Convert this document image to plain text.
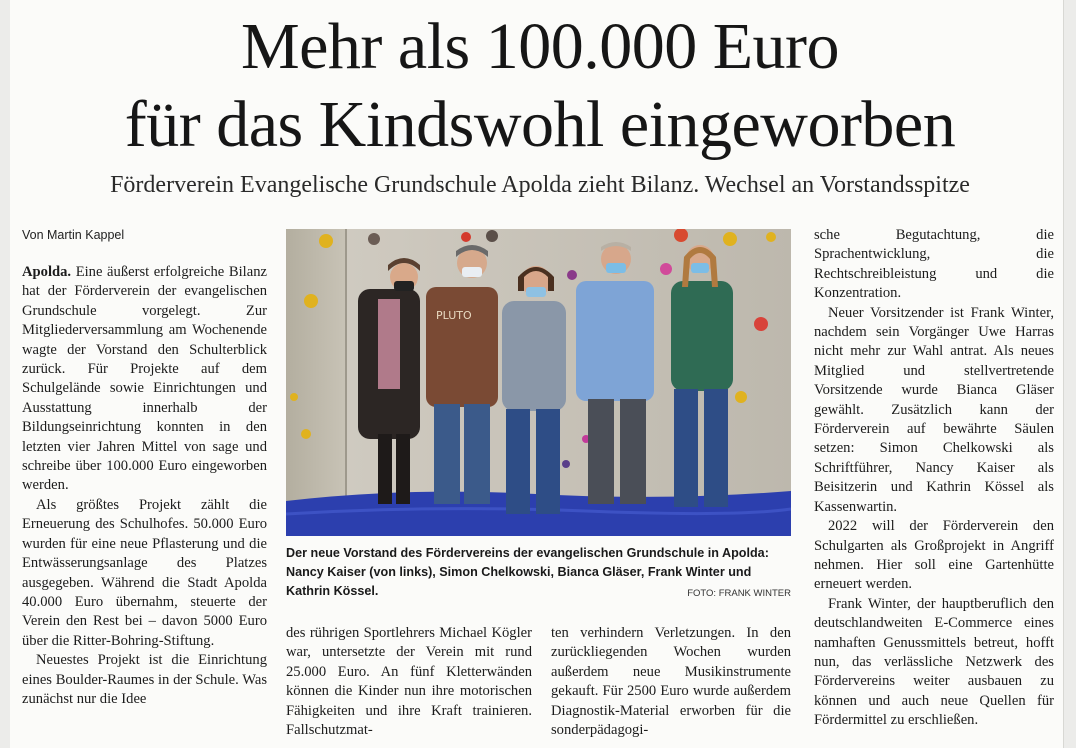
Mehr als 100.000 Euro
für das Kindswohl eingeworben
Förderverein Evangelische Grundschule Apolda zieht Bilanz. Wechsel an Vorstandsspitze
Von Martin Kappel

Apolda. Eine äußerst erfolgreiche Bilanz hat der Förderverein der evangelischen Grundschule vorgelegt. Zur Mitgliederversammlung am Wochenende wagte der Vorstand den Schulterblick zurück. Für Projekte auf dem Schulgelände sowie Einrichtungen und Ausstattung innerhalb der Bildungseinrichtung konnten in den letzten vier Jahren Mittel von sage und schreibe über 100.000 Euro eingeworben werden.

Als größtes Projekt zählt die Erneuerung des Schulhofes. 50.000 Euro wurden für eine neue Pflasterung und die Entwässerungsanlage des Platzes ausgegeben. Während die Stadt Apolda 40.000 Euro übernahm, steuerte der Verein den Rest bei – davon 5000 Euro über die Ritter-Bohring-Stiftung.

Neuestes Projekt ist die Einrichtung eines Boulder-Raumes in der Schule. Was zunächst nur die Idee

PLUTO
Der neue Vorstand des Fördervereins der evangelischen Grundschule in Apolda: Nancy Kaiser (von links), Simon Chelkowski, Bianca Gläser, Frank Winter und Kathrin Kössel.	FOTO: FRANK WINTER

des rührigen Sportlehrers Michael Kögler war, untersetzte der Verein mit rund 25.000 Euro. An fünf Kletterwänden können die Kinder nun ihre motorischen Fähigkeiten und ihre Kraft trainieren. Fallschutzmat-

ten verhindern Verletzungen. In den zurückliegenden Wochen wurden außerdem neue Musikinstrumente gekauft. Für 2500 Euro wurde außerdem Diagnostik-Material erworben für die sonderpädagogi-

sche Begutachtung, die Sprachentwicklung, die Rechtschreibleistung und die Konzentration.

Neuer Vorsitzender ist Frank Winter, nachdem sein Vorgänger Uwe Harras nicht mehr zur Wahl antrat. Als neues Mitglied und stellvertretende Vorsitzende wurde Bianca Gläser gewählt. Zusätzlich kann der Förderverein auf bewährte Säulen setzen: Simon Chelkowski als Schriftführer, Nancy Kaiser als Beisitzerin und Kathrin Kössel als Kassenwartin.

2022 will der Förderverein den Schulgarten als Großprojekt in Angriff nehmen. Hier soll eine Gartenhütte erneuert werden.

Frank Winter, der hauptberuflich den deutschlandweiten E-Commerce eines namhaften Genussmittels betreut, hofft nun, das verlässliche Netzwerk des Fördervereins weiter ausbauen zu können und auch neue Quellen für Fördermittel zu erschließen.
